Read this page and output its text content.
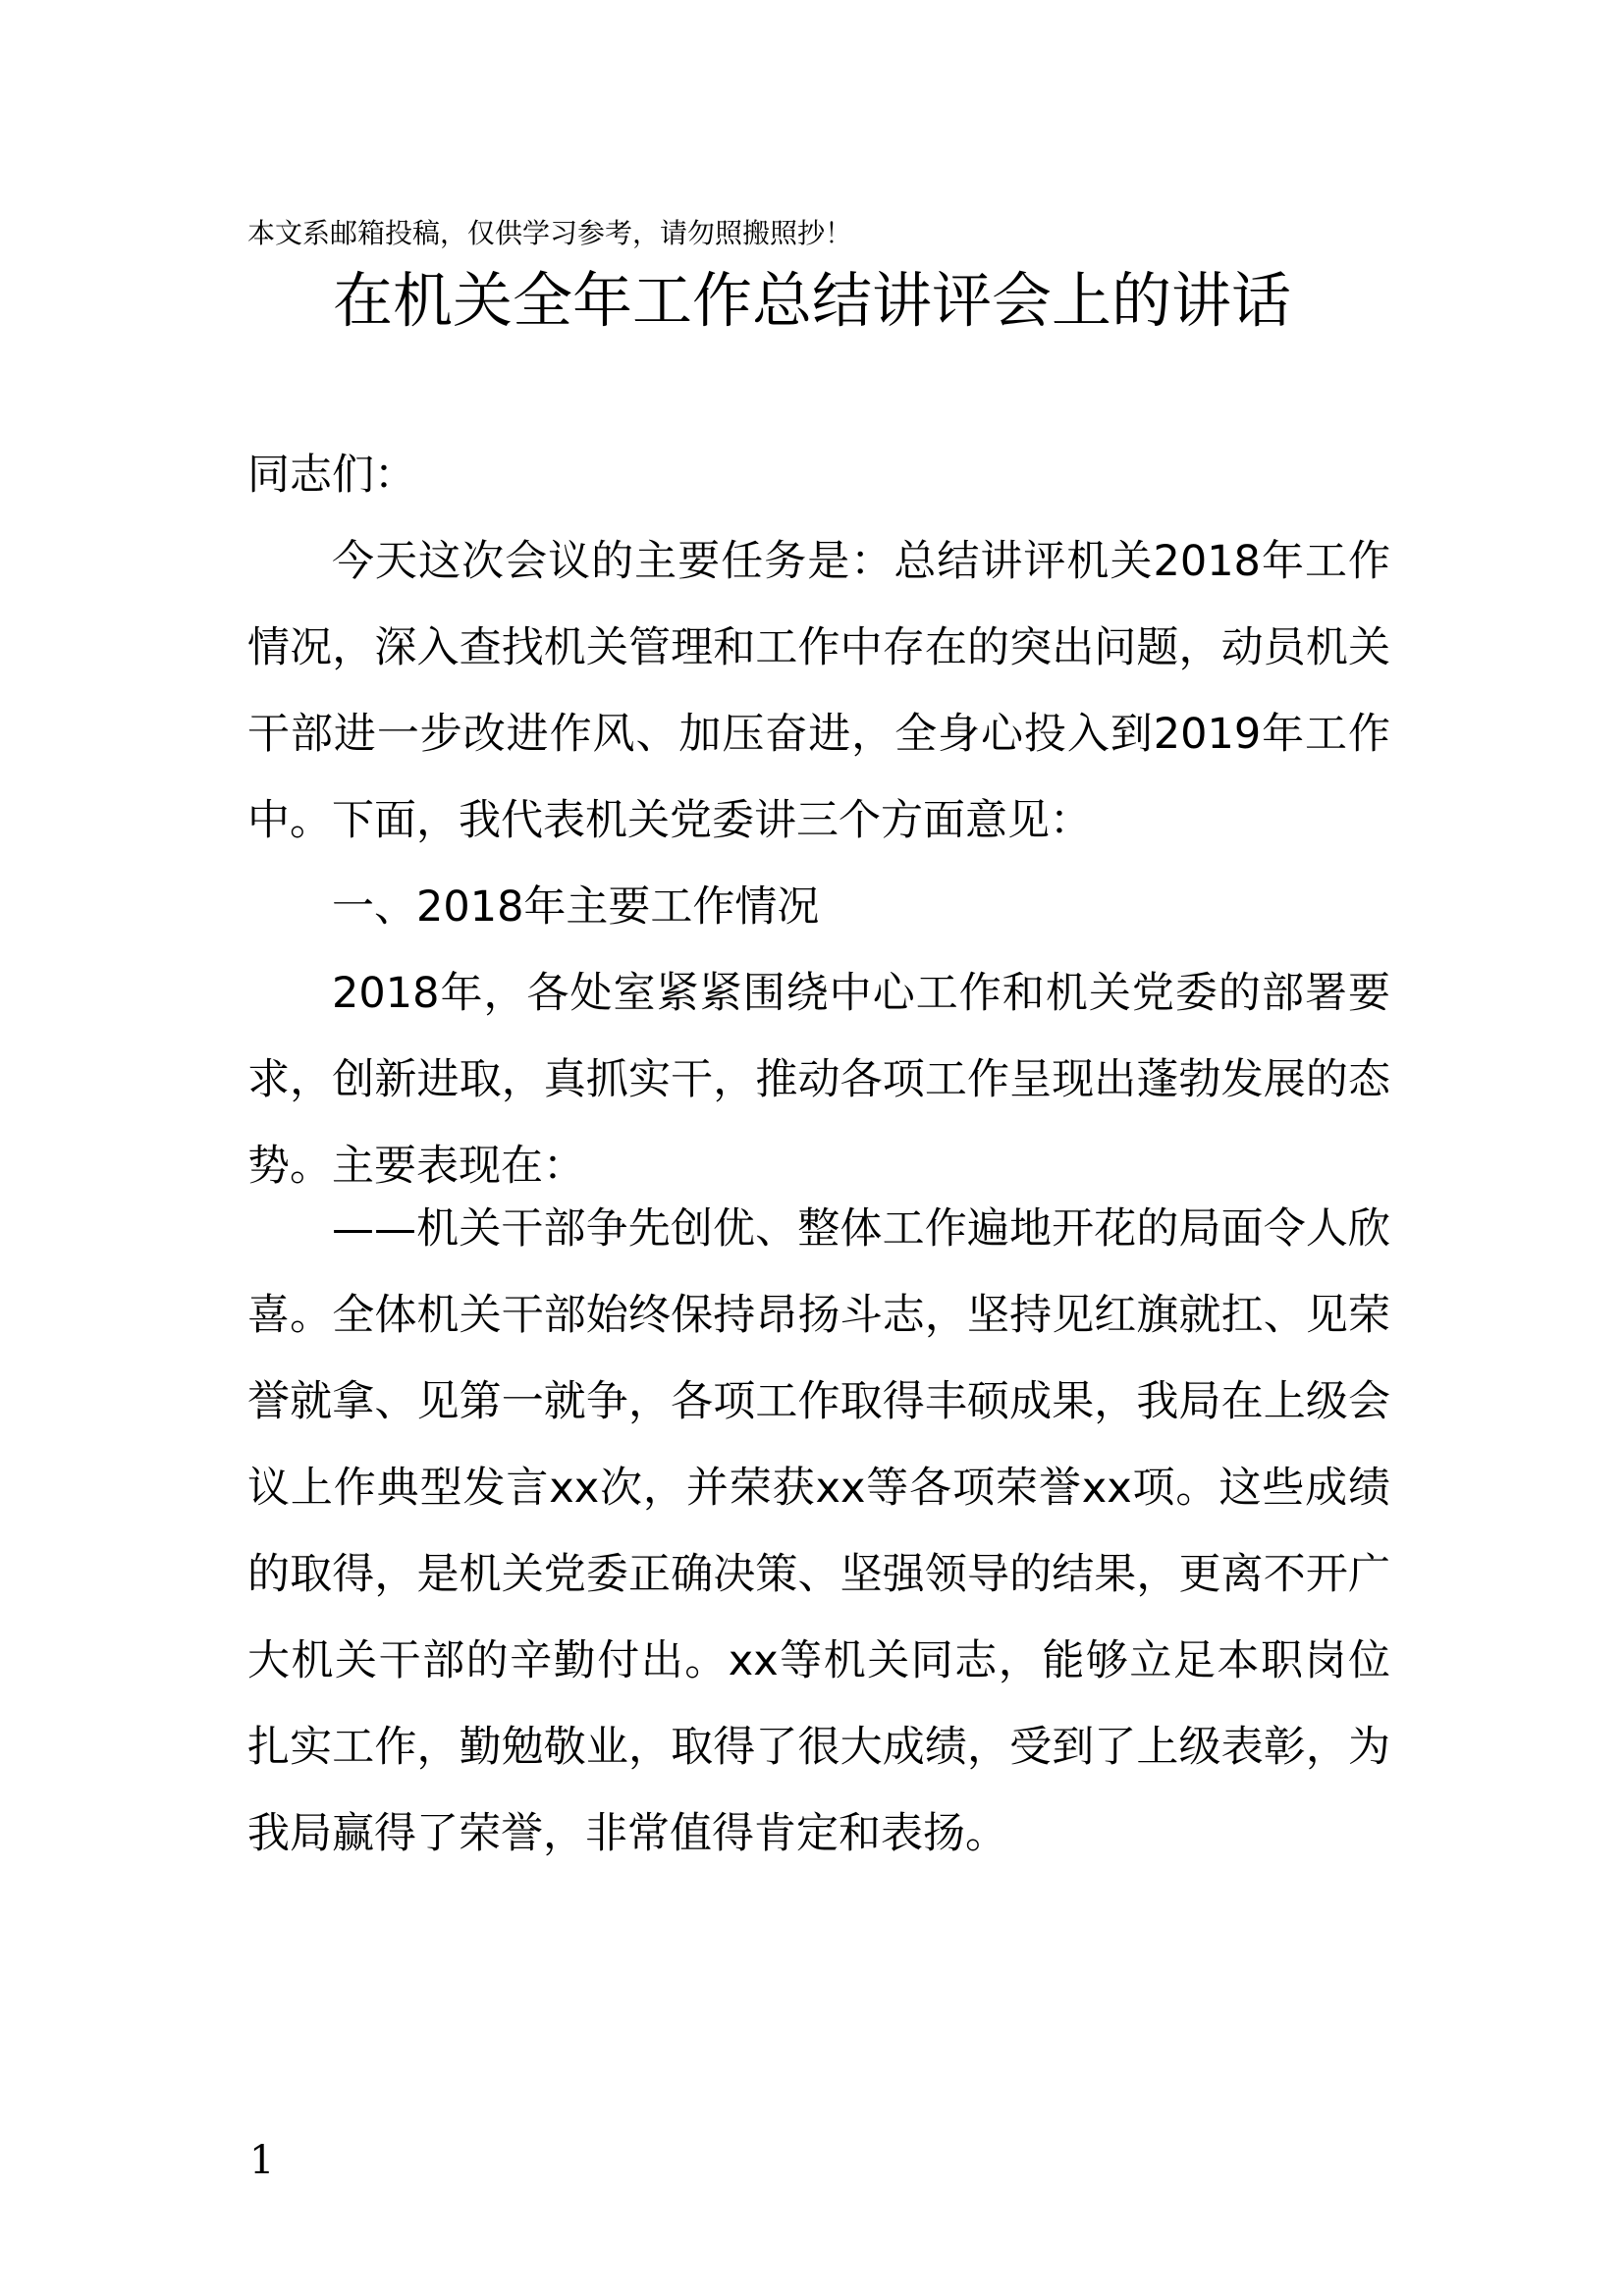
本文系邮箱投稿，仅供学习参考，请勿照搬照抄！
在机关全年工作总结讲评会上的讲话

同志们：

今天这次会议的主要任务是：总结讲评机关2018年工作情况，深入查找机关管理和工作中存在的突出问题，动员机关干部进一步改进作风、加压奋进，全身心投入到2019年工作中。下面，我代表机关党委讲三个方面意见：

一、2018年主要工作情况

2018年，各处室紧紧围绕中心工作和机关党委的部署要求，创新进取，真抓实干，推动各项工作呈现出蓬勃发展的态势。主要表现在：

——机关干部争先创优、整体工作遍地开花的局面令人欣喜。全体机关干部始终保持昂扬斗志，坚持见红旗就扛、见荣誉就拿、见第一就争，各项工作取得丰硕成果，我局在上级会议上作典型发言xx次，并荣获xx等各项荣誉xx项。这些成绩的取得，是机关党委正确决策、坚强领导的结果，更离不开广大机关干部的辛勤付出。xx等机关同志，能够立足本职岗位扎实工作，勤勉敬业，取得了很大成绩，受到了上级表彰，为我局赢得了荣誉，非常值得肯定和表扬。

1
